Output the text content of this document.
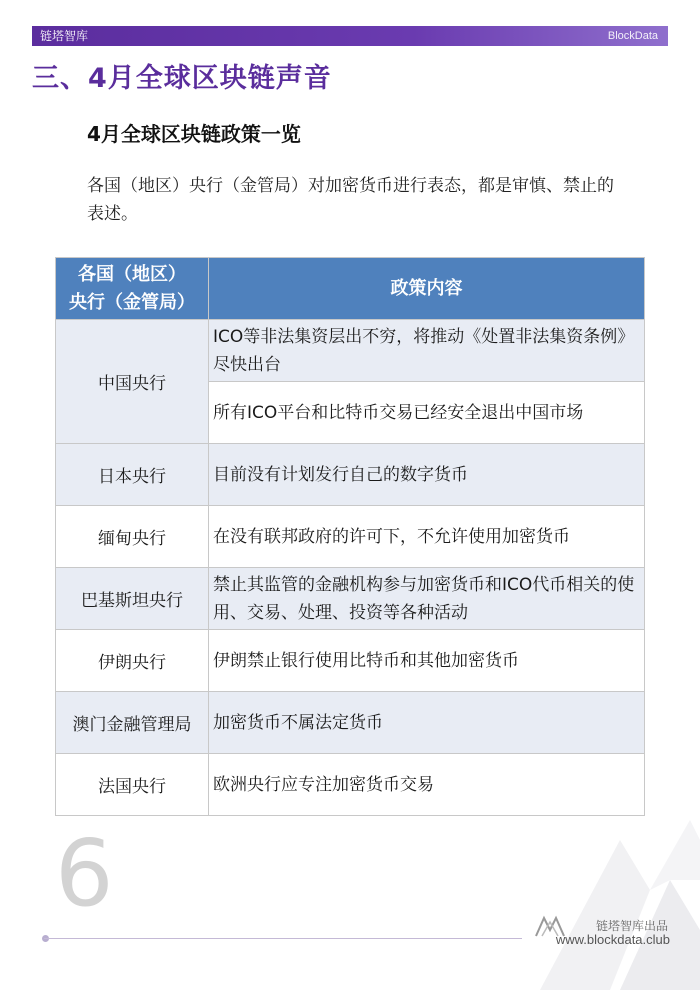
链塔智库	BlockData
三、4月全球区块链声音
4月全球区块链政策一览
各国（地区）央行（金管局）对加密货币进行表态，都是审慎、禁止的表述。
各国（地区）
央行（金管局）	政策内容
中国央行	ICO等非法集资层出不穷，将推动《处置非法集资条例》尽快出台
	所有ICO平台和比特币交易已经安全退出中国市场
日本央行	目前没有计划发行自己的数字货币
缅甸央行	在没有联邦政府的许可下，不允许使用加密货币
巴基斯坦央行	禁止其监管的金融机构参与加密货币和ICO代币相关的使用、交易、处理、投资等各种活动
伊朗央行	伊朗禁止银行使用比特币和其他加密货币
澳门金融管理局	加密货币不属法定货币
法国央行	欧洲央行应专注加密货币交易
6	链塔智库出品
www.blockdata.club
